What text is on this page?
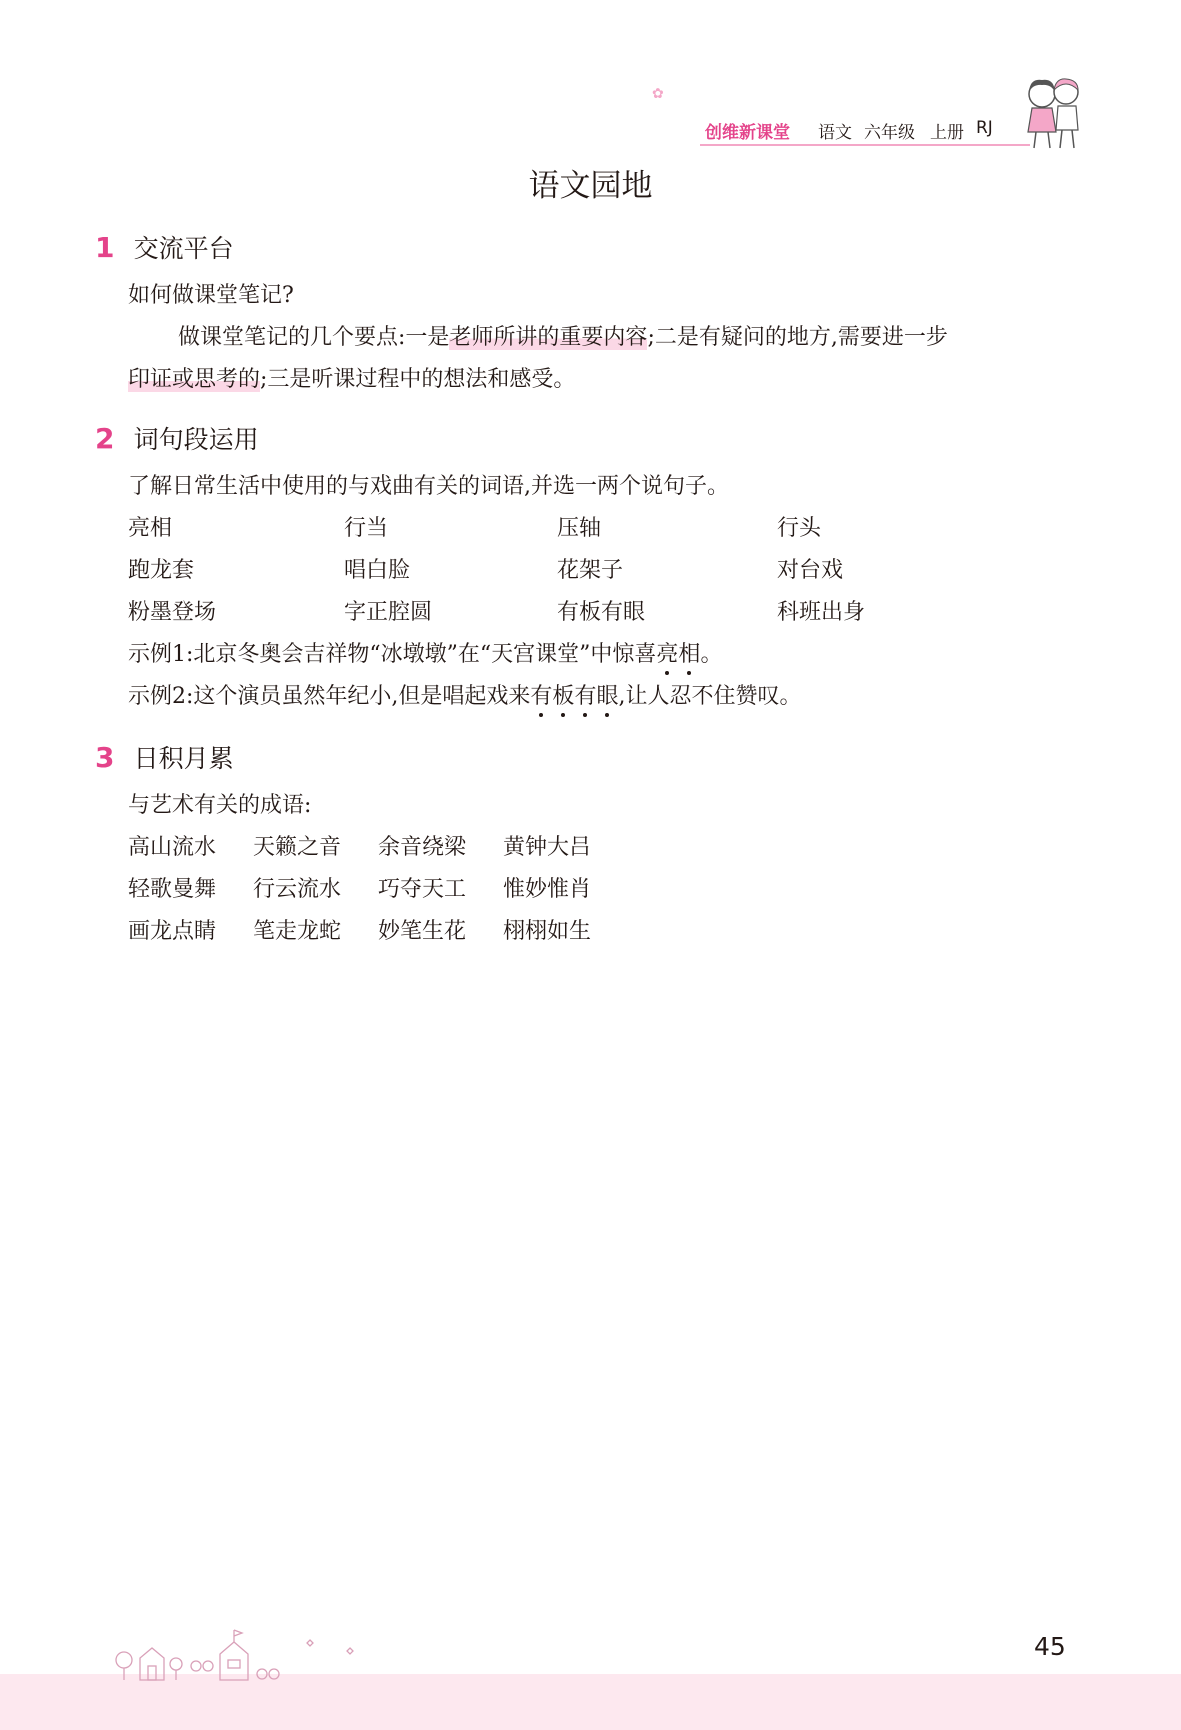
✿
创维新课堂 语文 六年级 上册 RJ
语文园地
1 交流平台
如何做课堂笔记?
做课堂笔记的几个要点:一是老师所讲的重要内容;二是有疑问的地方,需要进一步
印证或思考的;三是听课过程中的想法和感受。
2 词句段运用
了解日常生活中使用的与戏曲有关的词语,并选一两个说句子。
亮相	行当	压轴	行头
跑龙套	唱白脸	花架子	对台戏
粉墨登场	字正腔圆	有板有眼	科班出身
示例1:北京冬奥会吉祥物“冰墩墩”在“天宫课堂”中惊喜亮相。
示例2:这个演员虽然年纪小,但是唱起戏来有板有眼,让人忍不住赞叹。
3 日积月累
与艺术有关的成语:
高山流水 天籁之音 余音绕梁 黄钟大吕
轻歌曼舞 行云流水 巧夺天工 惟妙惟肖
画龙点睛 笔走龙蛇 妙笔生花 栩栩如生
45
